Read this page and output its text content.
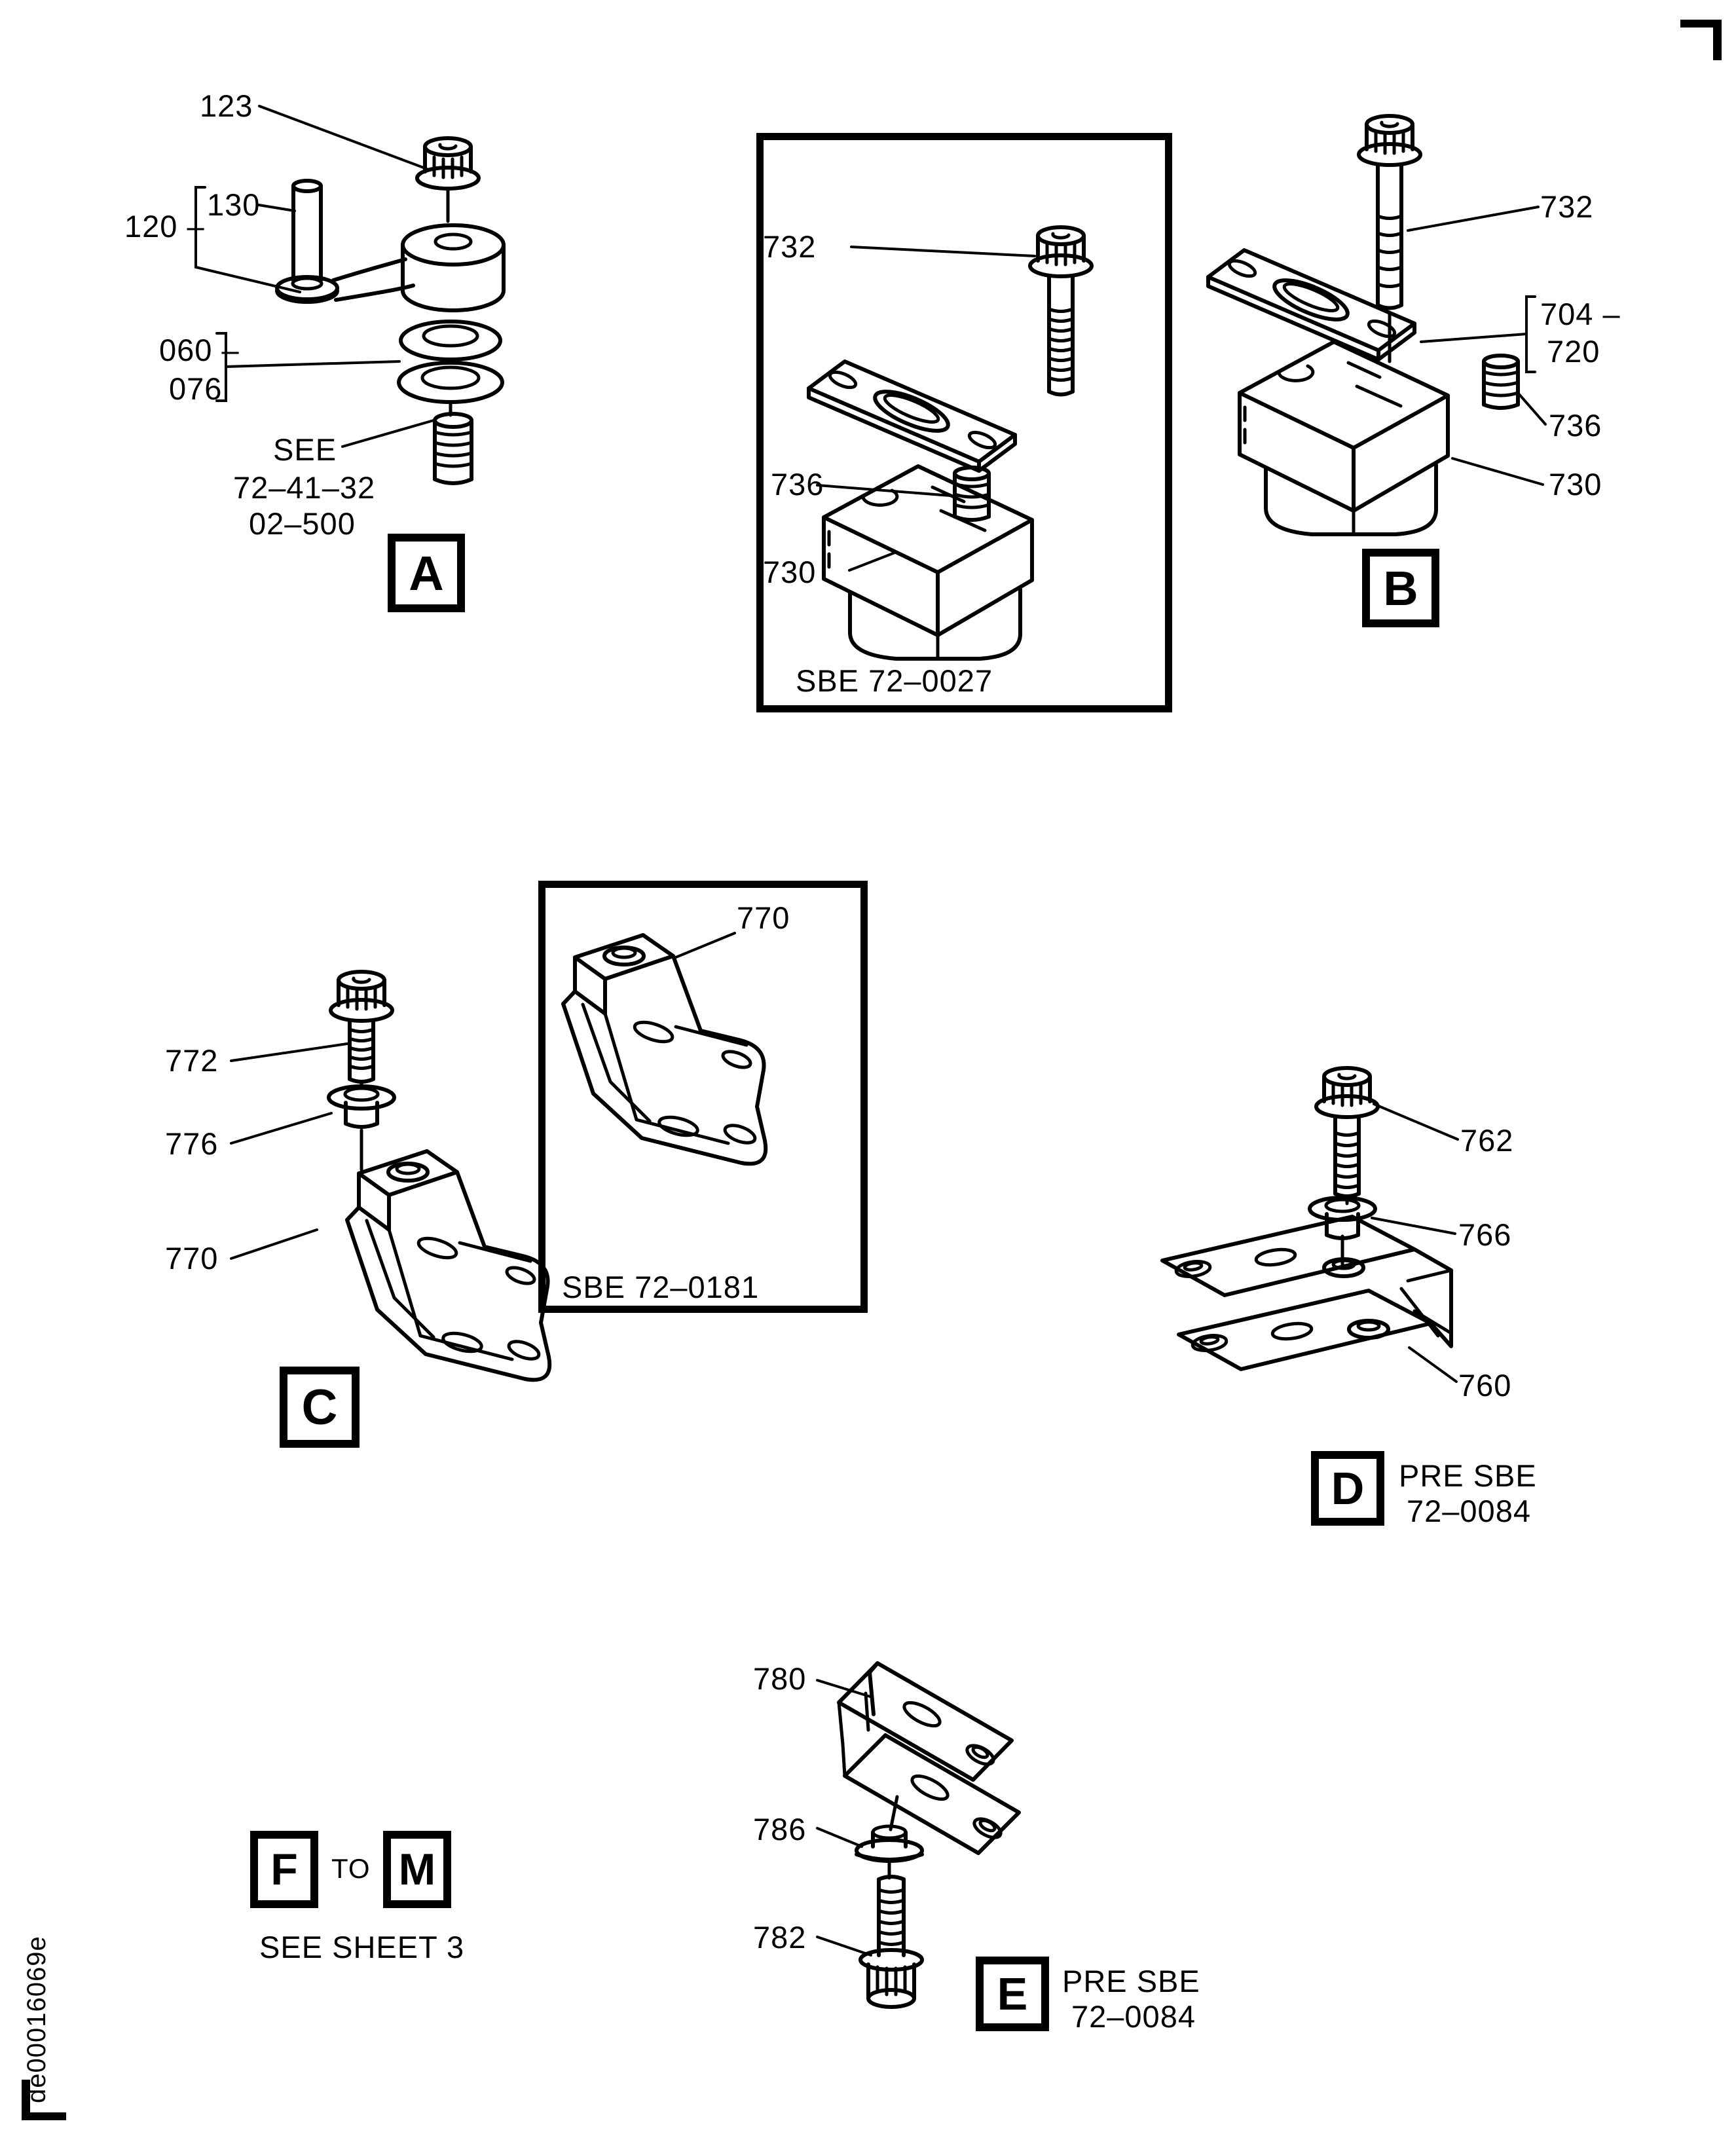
de00016069e
123
120 –
130
060 –
076
SEE
72–41–32
02–500
A
SBE 72–0027
732
736
730
732
704 –
720
736
730
B
772
776
770
C
SBE 72–0181
770
762
766
760
D PRE SBE
72–0084
780
786
782
E PRE SBE
72–0084
F TO M
SEE SHEET 3
